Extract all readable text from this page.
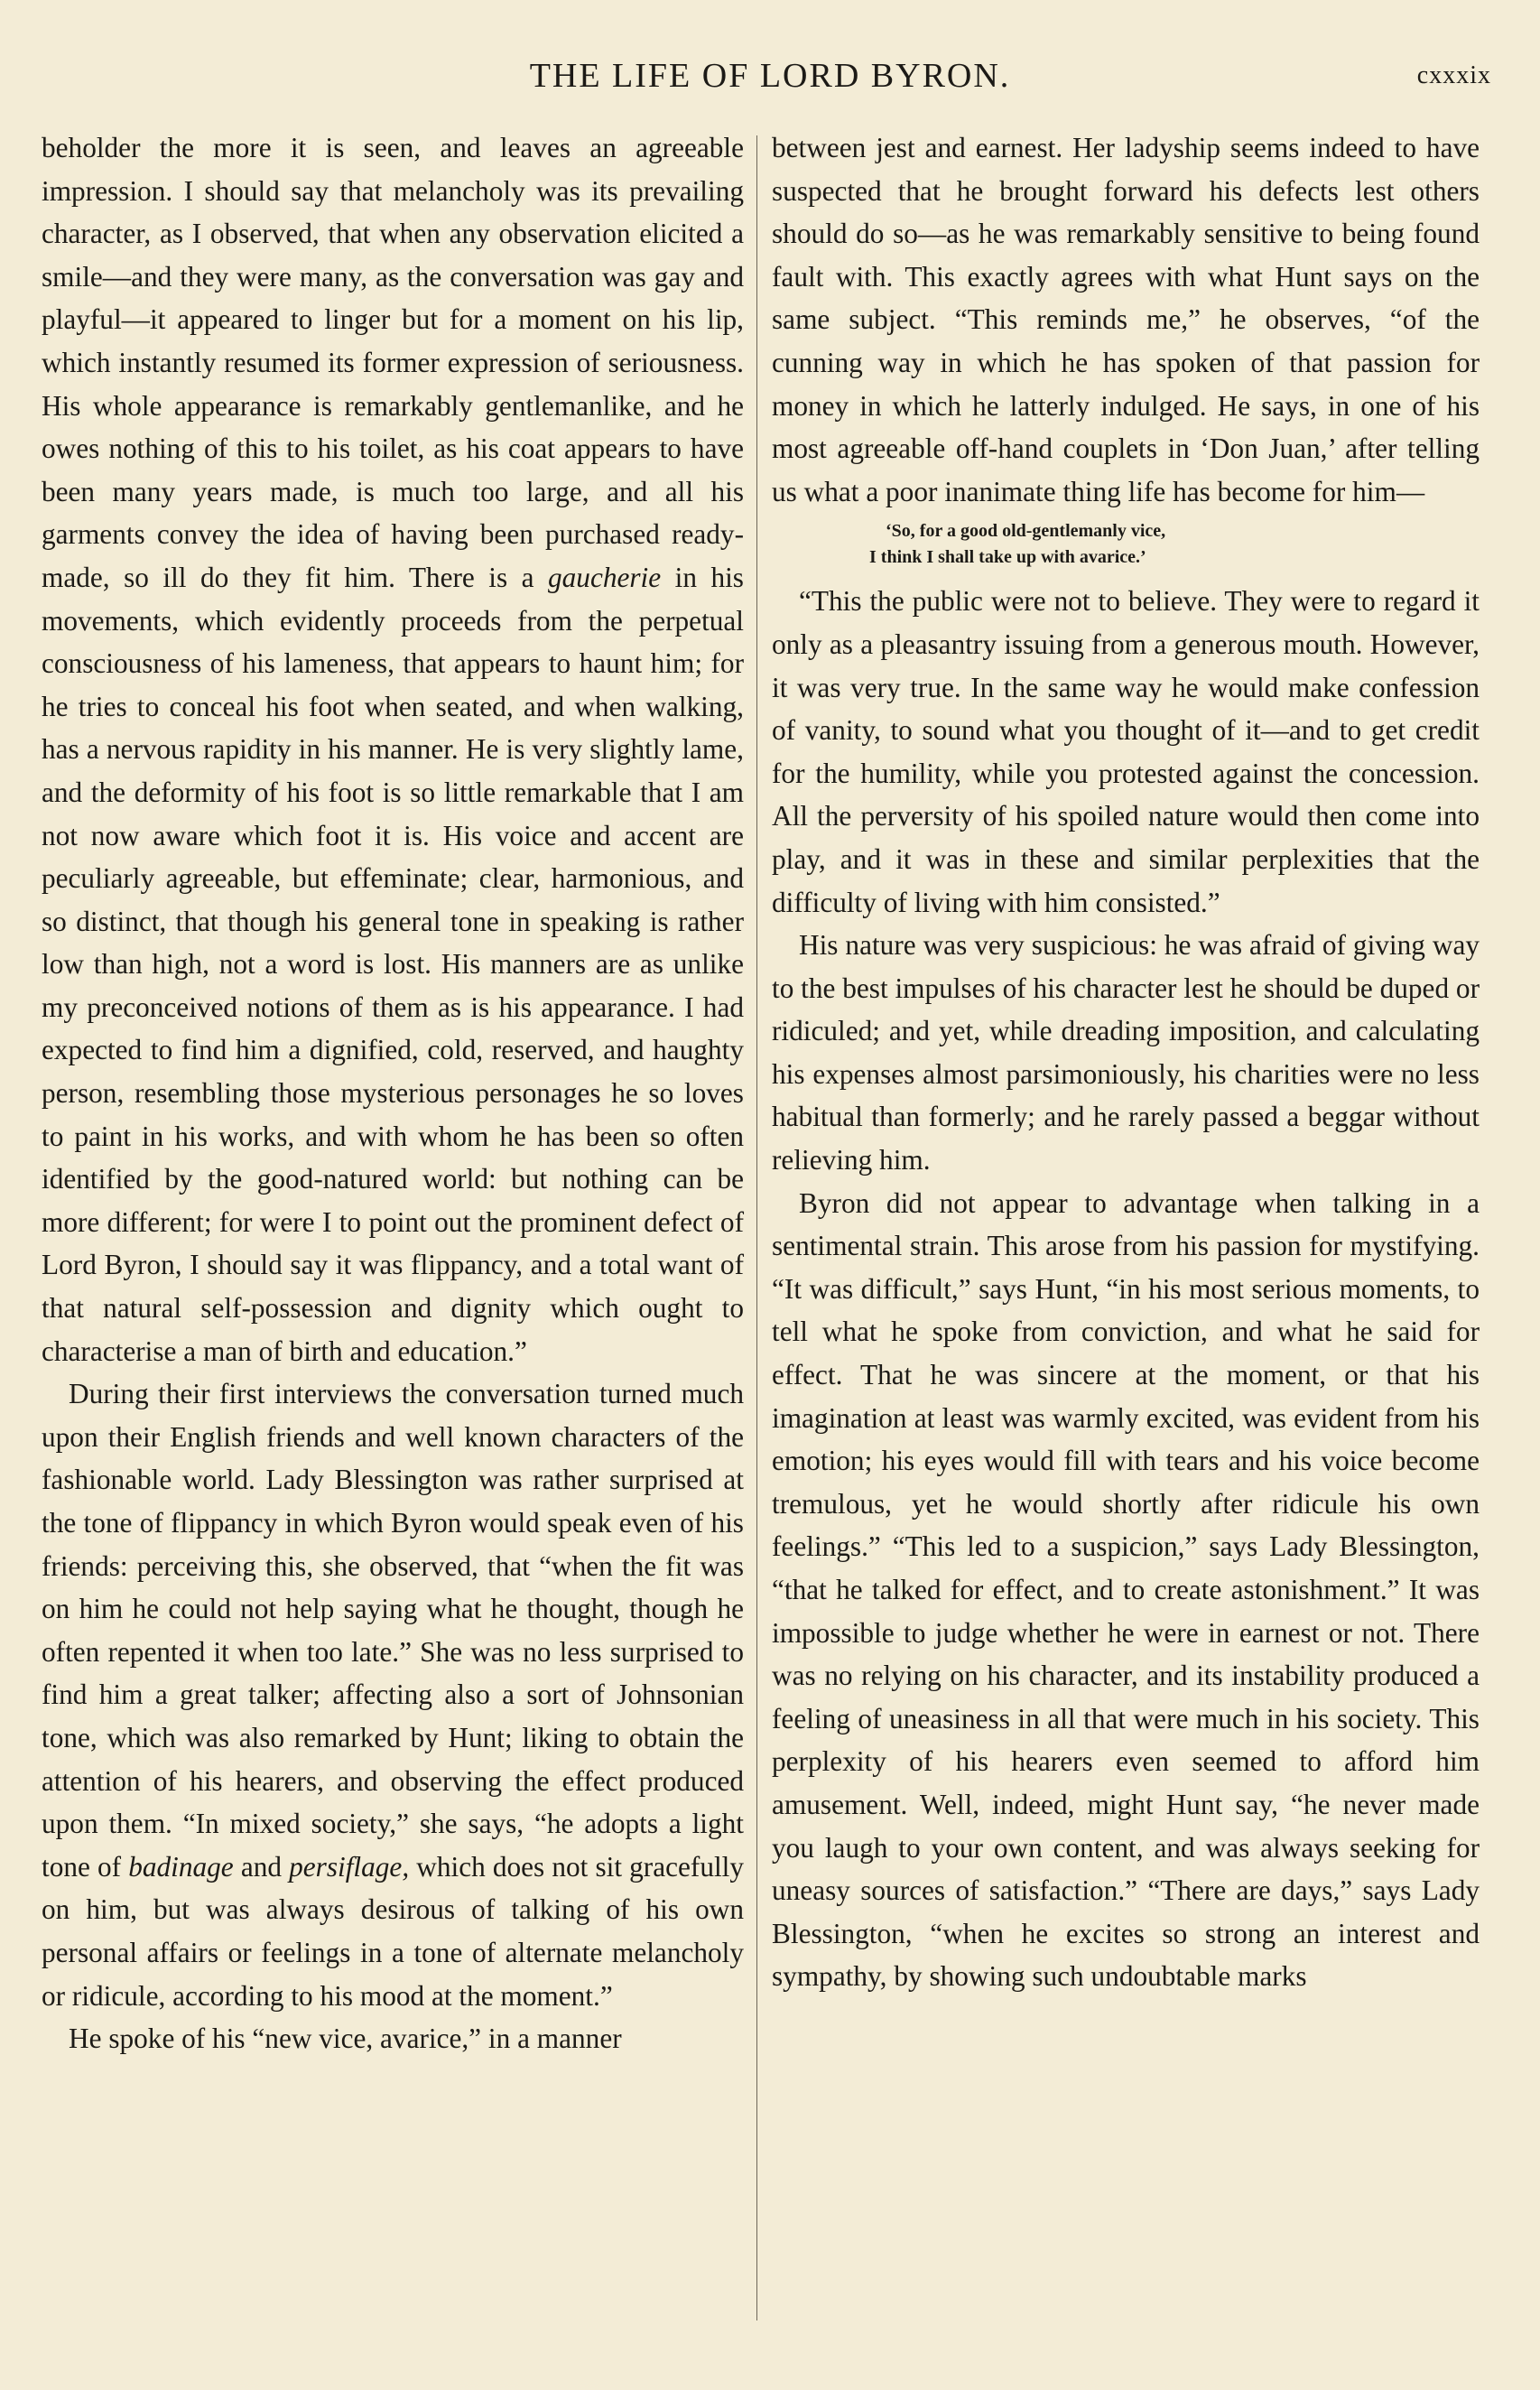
THE LIFE OF LORD BYRON.	cxxxix

beholder the more it is seen, and leaves an agreeable impression. I should say that melancholy was its prevailing character, as I observed, that when any observation elicited a smile—and they were many, as the conversation was gay and playful—it appeared to linger but for a moment on his lip, which instantly resumed its former expression of seriousness. His whole appearance is remarkably gentlemanlike, and he owes nothing of this to his toilet, as his coat appears to have been many years made, is much too large, and all his garments convey the idea of having been purchased ready-made, so ill do they fit him. There is a gaucherie in his movements, which evidently proceeds from the perpetual consciousness of his lameness, that appears to haunt him; for he tries to conceal his foot when seated, and when walking, has a nervous rapidity in his manner. He is very slightly lame, and the deformity of his foot is so little remarkable that I am not now aware which foot it is. His voice and accent are peculiarly agreeable, but effeminate; clear, harmonious, and so distinct, that though his general tone in speaking is rather low than high, not a word is lost. His manners are as unlike my preconceived notions of them as is his appearance. I had expected to find him a dignified, cold, reserved, and haughty person, resembling those mysterious personages he so loves to paint in his works, and with whom he has been so often identified by the good-natured world: but nothing can be more different; for were I to point out the prominent defect of Lord Byron, I should say it was flippancy, and a total want of that natural self-possession and dignity which ought to characterise a man of birth and education.”

During their first interviews the conversation turned much upon their English friends and well known characters of the fashionable world. Lady Blessington was rather surprised at the tone of flippancy in which Byron would speak even of his friends: perceiving this, she observed, that “when the fit was on him he could not help saying what he thought, though he often repented it when too late.” She was no less surprised to find him a great talker; affecting also a sort of Johnsonian tone, which was also remarked by Hunt; liking to obtain the attention of his hearers, and observing the effect produced upon them. “In mixed society,” she says, “he adopts a light tone of badinage and persiflage, which does not sit gracefully on him, but was always desirous of talking of his own personal affairs or feelings in a tone of alternate melancholy or ridicule, according to his mood at the moment.”

He spoke of his “new vice, avarice,” in a manner

between jest and earnest. Her ladyship seems indeed to have suspected that he brought forward his defects lest others should do so—as he was remarkably sensitive to being found fault with. This exactly agrees with what Hunt says on the same subject. “This reminds me,” he observes, “of the cunning way in which he has spoken of that passion for money in which he latterly indulged. He says, in one of his most agreeable off-hand couplets in ‘Don Juan,’ after telling us what a poor inanimate thing life has become for him—

‘So, for a good old-gentlemanly vice,
I think I shall take up with avarice.’

“This the public were not to believe. They were to regard it only as a pleasantry issuing from a generous mouth. However, it was very true. In the same way he would make confession of vanity, to sound what you thought of it—and to get credit for the humility, while you protested against the concession. All the perversity of his spoiled nature would then come into play, and it was in these and similar perplexities that the difficulty of living with him consisted.”

His nature was very suspicious: he was afraid of giving way to the best impulses of his character lest he should be duped or ridiculed; and yet, while dreading imposition, and calculating his expenses almost parsimoniously, his charities were no less habitual than formerly; and he rarely passed a beggar without relieving him.

Byron did not appear to advantage when talking in a sentimental strain. This arose from his passion for mystifying. “It was difficult,” says Hunt, “in his most serious moments, to tell what he spoke from conviction, and what he said for effect. That he was sincere at the moment, or that his imagination at least was warmly excited, was evident from his emotion; his eyes would fill with tears and his voice become tremulous, yet he would shortly after ridicule his own feelings.” “This led to a suspicion,” says Lady Blessington, “that he talked for effect, and to create astonishment.” It was impossible to judge whether he were in earnest or not. There was no relying on his character, and its instability produced a feeling of uneasiness in all that were much in his society. This perplexity of his hearers even seemed to afford him amusement. Well, indeed, might Hunt say, “he never made you laugh to your own content, and was always seeking for uneasy sources of satisfaction.” “There are days,” says Lady Blessington, “when he excites so strong an interest and sympathy, by showing such undoubtable marks
